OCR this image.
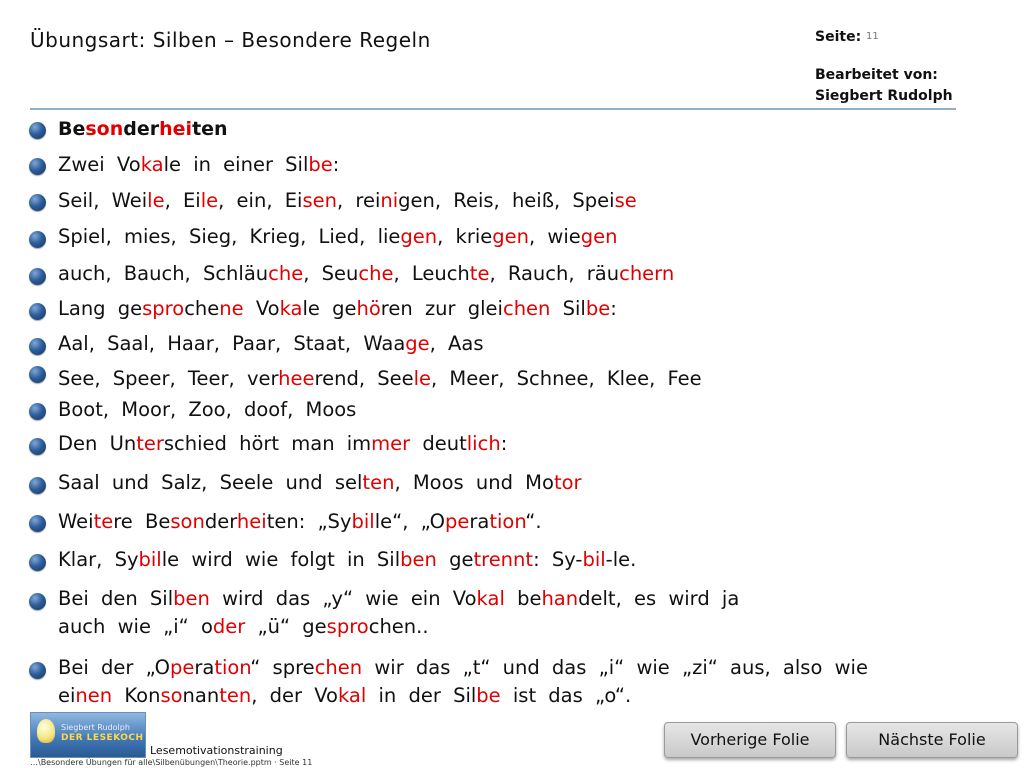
Übungsart: Silben – Besondere Regeln	Seite: 11
Bearbeitet von:
Siegbert Rudolph
Besonderheiten
Zwei Vokale in einer Silbe:
Seil, Weile, Eile, ein, Eisen, reinigen, Reis, heiß, Speise
Spiel, mies, Sieg, Krieg, Lied, liegen, kriegen, wiegen
auch, Bauch, Schläuche, Seuche, Leuchte, Rauch, räuchern
Lang gesprochene Vokale gehören zur gleichen Silbe:
Aal, Saal, Haar, Paar, Staat, Waage, Aas
See, Speer, Teer, verheerend, Seele, Meer, Schnee, Klee, Fee
Boot, Moor, Zoo, doof, Moos
Den Unterschied hört man immer deutlich:
Saal und Salz, Seele und selten, Moos und Motor
Weitere Besonderheiten: „Sybille“, „Operation“.
Klar, Sybille wird wie folgt in Silben getrennt: Sy-bil-le.
Bei den Silben wird das „y“ wie ein Vokal behandelt, es wird ja
auch wie „i“ oder „ü“ gesprochen..
Bei der „Operation“ sprechen wir das „t“ und das „i“ wie „zi“ aus, also wie
einen Konsonanten, der Vokal in der Silbe ist das „o“.
Siegbert Rudolph
DER LESEKOCH
Lesemotivationstraining
…\Besondere Übungen für alle\Silbenübungen\Theorie.pptm · Seite 11
Vorherige Folie	Nächste Folie
